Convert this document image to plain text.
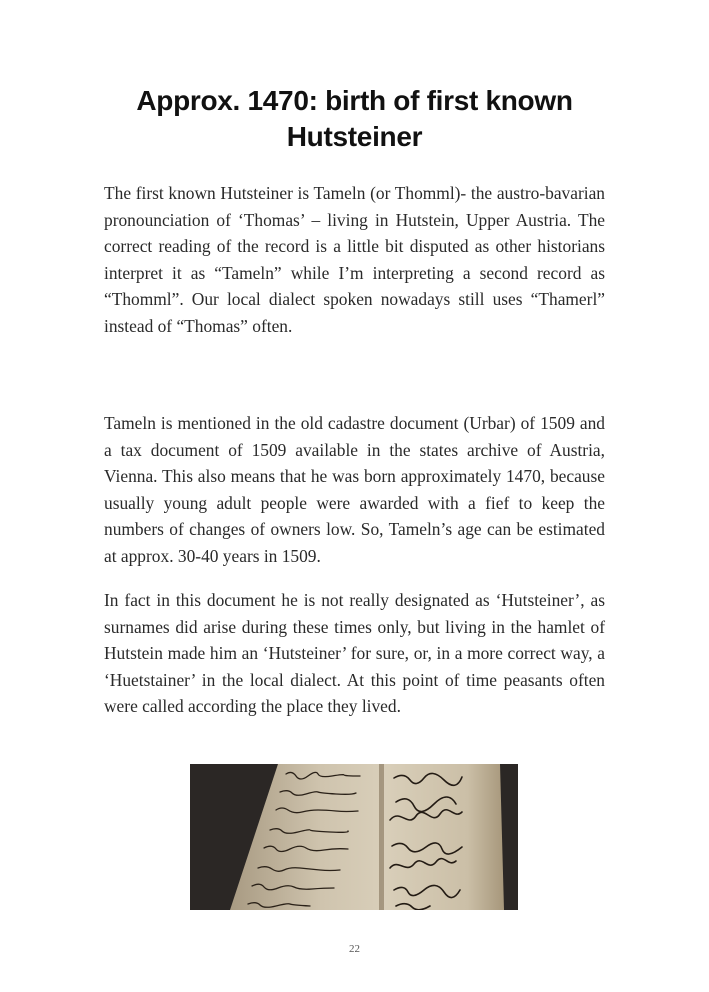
Approx. 1470: birth of first known Hutsteiner

The first known Hutsteiner is Tameln (or Thomml)- the austro-bavarian pronounciation of ‘Thomas’ – living in Hutstein, Upper Austria. The correct reading of the record is a little bit disputed as other historians interpret it as “Tameln” while I’m interpreting a second record as “Thomml”. Our local dialect spoken nowadays still uses “Thamerl” instead of “Thomas” often.

Tameln is mentioned in the old cadastre document (Urbar) of 1509 and a tax document of 1509 available in the states archive of Austria, Vienna. This also means that he was born approximately 1470, because usually young adult people were awarded with a fief to keep the numbers of changes of owners low. So, Tameln’s age can be estimated at approx. 30-40 years in 1509.

In fact in this document he is not really designated as ‘Hutsteiner’, as surnames did arise during these times only, but living in the hamlet of Hutstein made him an ‘Hutsteiner’ for sure, or, in a more correct way, a ‘Huetstainer’ in the local dialect. At this point of time peasants often were called according the place they lived.

22
